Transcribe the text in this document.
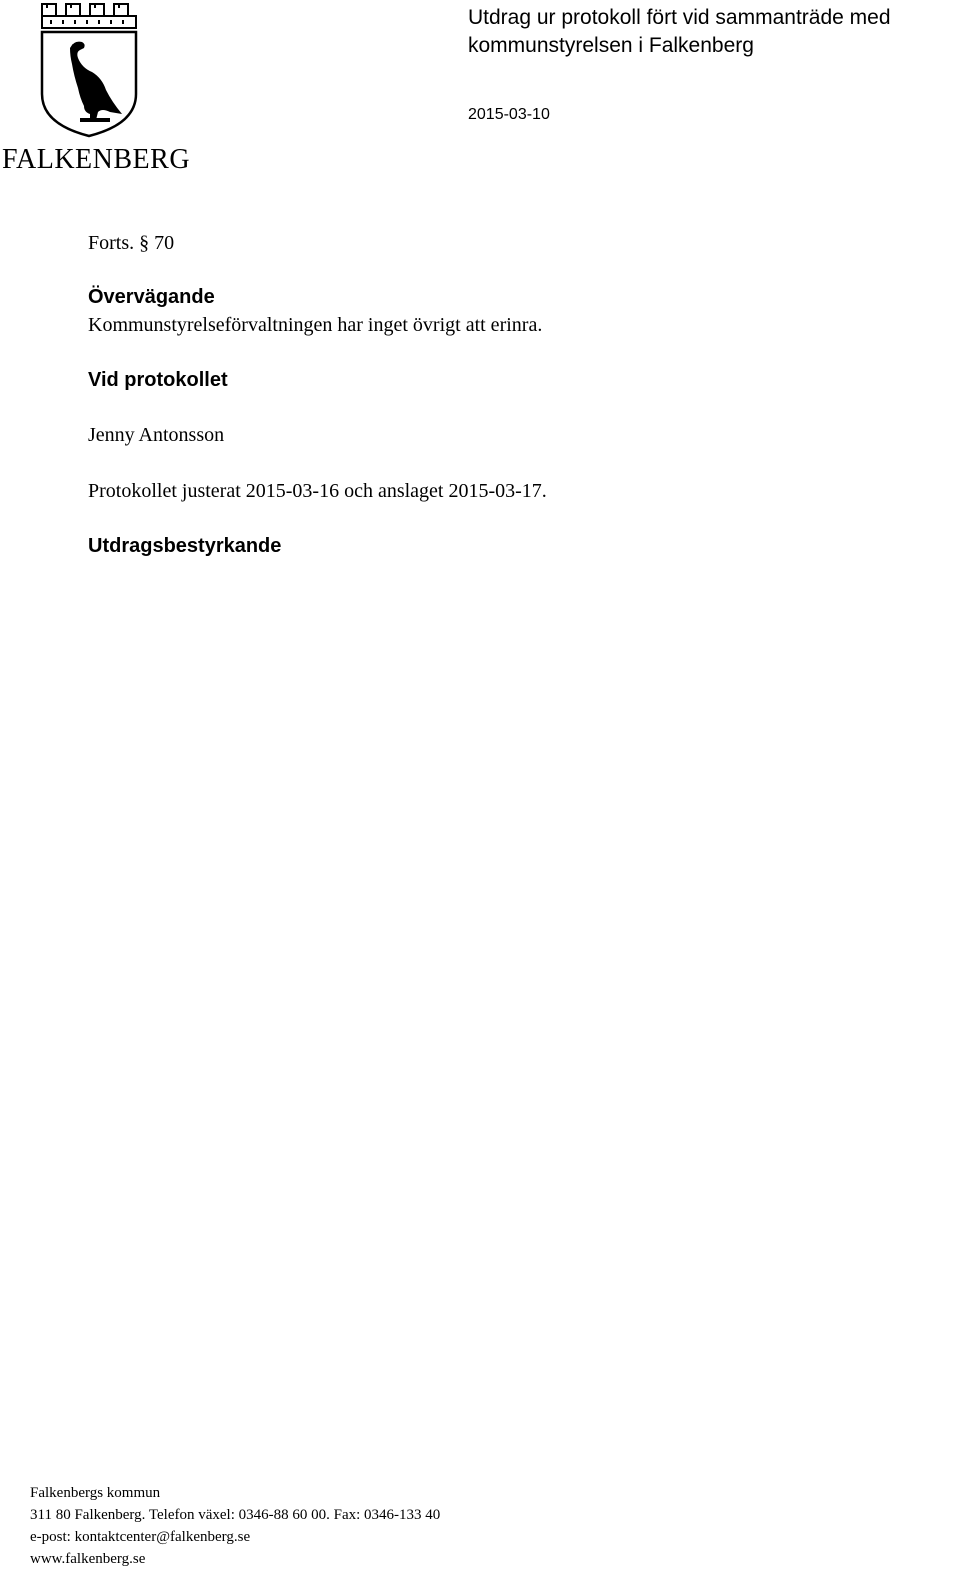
FALKENBERG
Utdrag ur protokoll fört vid sammanträde med kommunstyrelsen i Falkenberg
2015-03-10
Forts. § 70
Övervägande
Kommunstyrelseförvaltningen har inget övrigt att erinra.
Vid protokollet
Jenny Antonsson
Protokollet justerat 2015-03-16 och anslaget 2015-03-17.
Utdragsbestyrkande
Falkenbergs kommun
311 80 Falkenberg. Telefon växel: 0346-88 60 00. Fax: 0346-133 40
e-post: kontaktcenter@falkenberg.se
www.falkenberg.se
